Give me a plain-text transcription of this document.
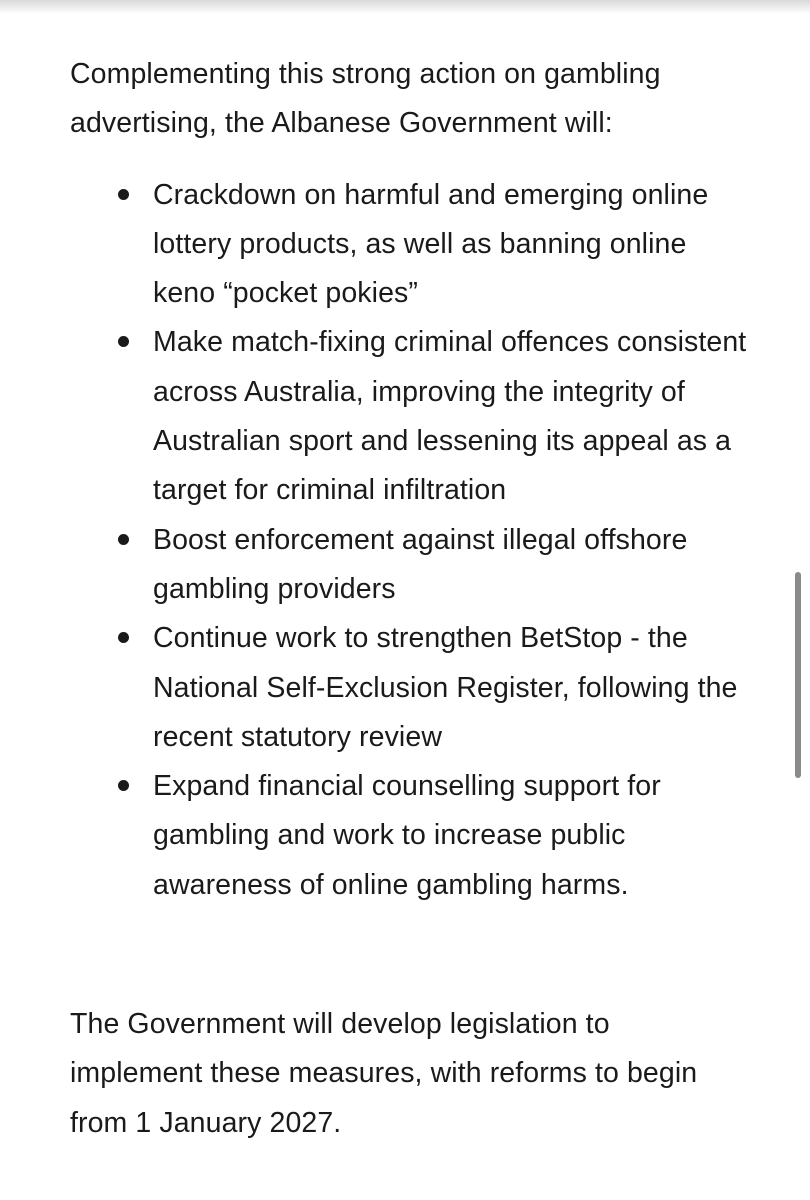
Complementing this strong action on gambling advertising, the Albanese Government will:

Crackdown on harmful and emerging online lottery products, as well as banning online keno “pocket pokies”
Make match-fixing criminal offences consistent across Australia, improving the integrity of Australian sport and lessening its appeal as a target for criminal infiltration
Boost enforcement against illegal offshore gambling providers
Continue work to strengthen BetStop - the National Self-Exclusion Register, following the recent statutory review
Expand financial counselling support for gambling and work to increase public awareness of online gambling harms.

The Government will develop legislation to implement these measures, with reforms to begin from 1 January 2027.
